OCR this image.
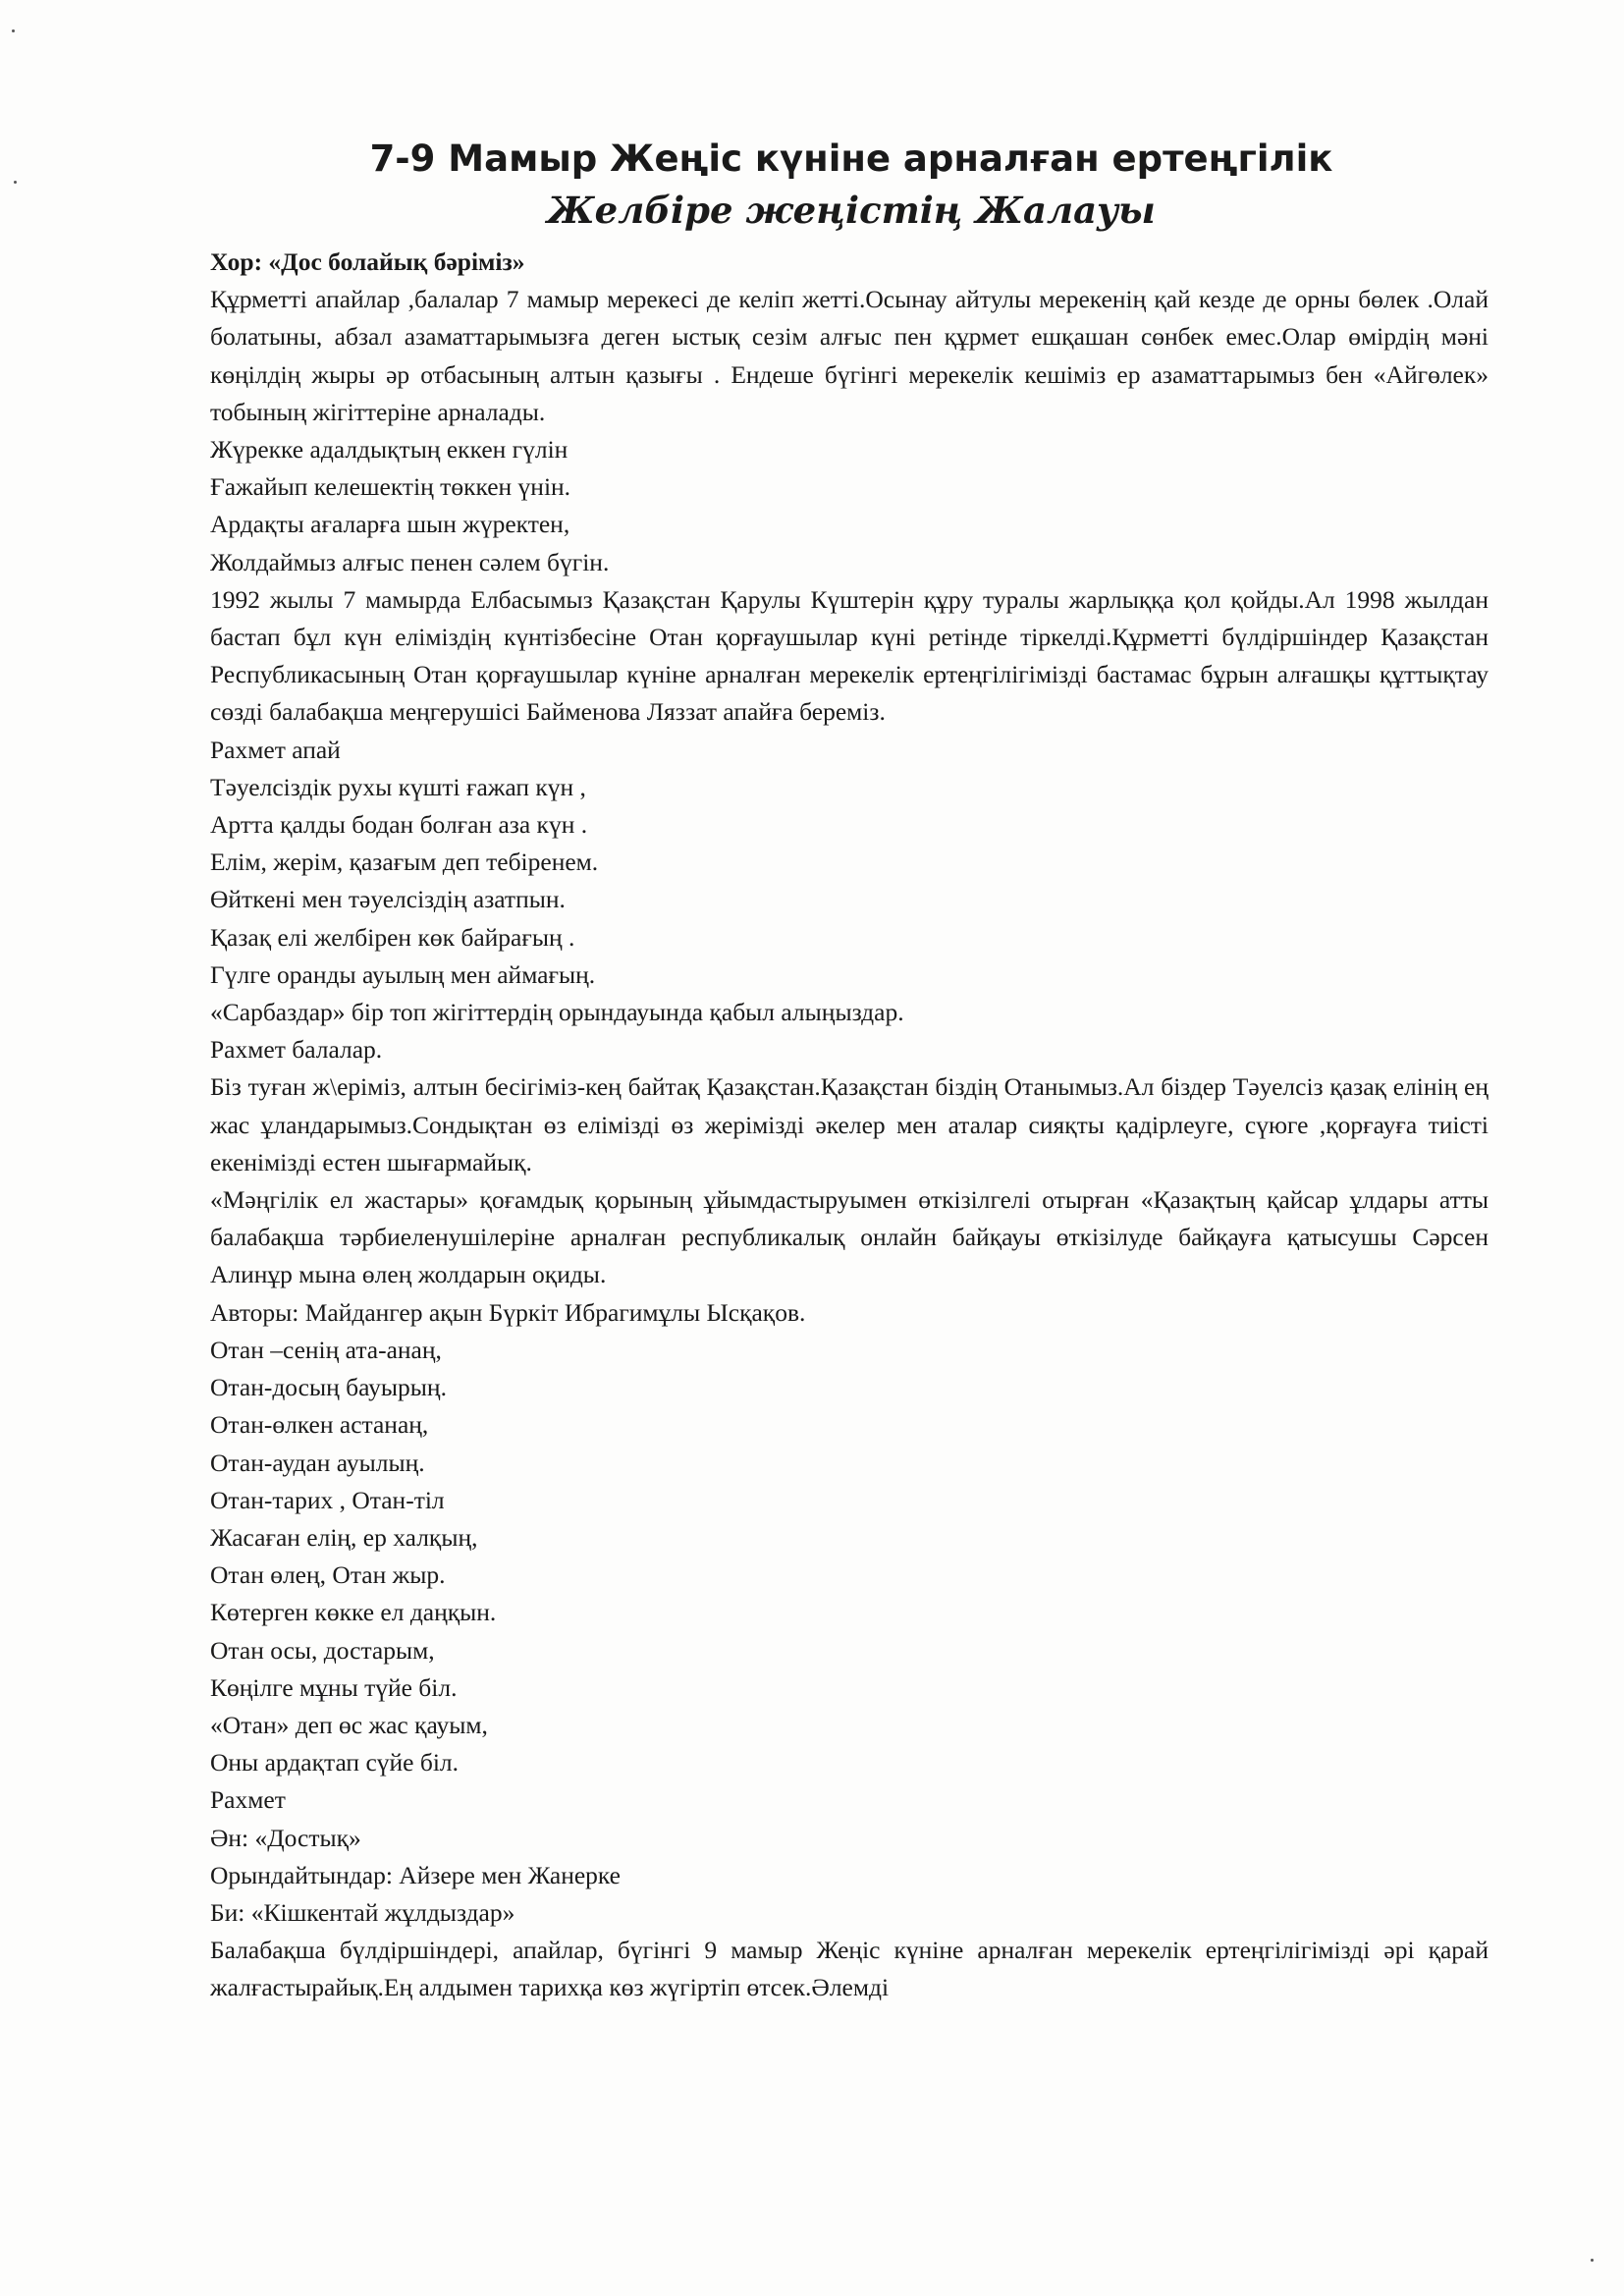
7-9 Мамыр Жеңіс күніне арналған ертеңгілік
Желбіре жеңістің Жалауы

Хор: «Дос болайық бәріміз»

Құрметті апайлар ,балалар 7 мамыр мерекесі де келіп жетті.Осынау айтулы мерекенің қай кезде де орны бөлек .Олай болатыны, абзал азаматтарымызға деген ыстық сезім алғыс пен құрмет ешқашан сөнбек емес.Олар өмірдің мәні көңілдің жыры әр отбасының алтын қазығы . Ендеше бүгінгі мерекелік кешіміз ер азаматтарымыз бен «Айгөлек» тобының жігіттеріне арналады.

Жүрекке адалдықтың еккен гүлін

Ғажайып келешектің төккен үнін.

Ардақты ағаларға шын жүректен,

Жолдаймыз алғыс пенен сәлем бүгін.

1992 жылы 7 мамырда Елбасымыз Қазақстан Қарулы Күштерін құру туралы жарлыққа қол қойды.Ал 1998 жылдан бастап бұл күн еліміздің күнтізбесіне Отан қорғаушылар күні ретінде тіркелді.Құрметті бүлдіршіндер Қазақстан Республикасының Отан қорғаушылар күніне арналған мерекелік ертеңгілігімізді бастамас бұрын алғашқы құттықтау сөзді балабақша меңгерушісі Байменова Ляззат апайға береміз.

Рахмет апай

Тәуелсіздік рухы күшті ғажап күн ,

Артта қалды бодан болған аза күн .

Елім, жерім, қазағым деп тебіренем.

Өйткені мен тәуелсіздің азатпын.

Қазақ елі желбірен көк байрағың .

Гүлге оранды ауылың мен аймағың.

«Сарбаздар» бір топ жігіттердің орындауында қабыл алыңыздар.

Рахмет балалар.

Біз туған ж\еріміз, алтын бесігіміз-кең байтақ Қазақстан.Қазақстан біздің Отанымыз.Ал біздер Тәуелсіз қазақ елінің ең жас ұландарымыз.Сондықтан өз елімізді өз жерімізді әкелер мен аталар сияқты қадірлеуге, сүюге ,қорғауға тиісті екенімізді естен шығармайық.

«Мәңгілік ел жастары» қоғамдық қорының ұйымдастыруымен өткізілгелі отырған «Қазақтың қайсар ұлдары атты балабақша тәрбиеленушілеріне арналған республикалық онлайн байқауы өткізілуде байқауға қатысушы Сәрсен Алинұр мына өлең жолдарын оқиды.

Авторы: Майдангер ақын Бүркіт Ибрагимұлы Ысқақов.

Отан –сенің ата-анаң,

Отан-досың бауырың.

Отан-өлкен астанаң,

Отан-аудан ауылың.

Отан-тарих , Отан-тіл

Жасаған елің, ер халқың,

Отан өлең, Отан жыр.

Көтерген көкке ел даңқын.

Отан осы, достарым,

Көңілге мұны түйе біл.

«Отан» деп өс жас қауым,

Оны ардақтап сүйе біл.

Рахмет

Ән: «Достық»

Орындайтындар: Айзере мен Жанерке

Би: «Кішкентай жұлдыздар»

Балабақша бүлдіршіндері, апайлар, бүгінгі 9 мамыр Жеңіс күніне арналған мерекелік ертеңгілігімізді әрі қарай жалғастырайық.Ең алдымен тарихқа көз жүгіртіп өтсек.Әлемді
